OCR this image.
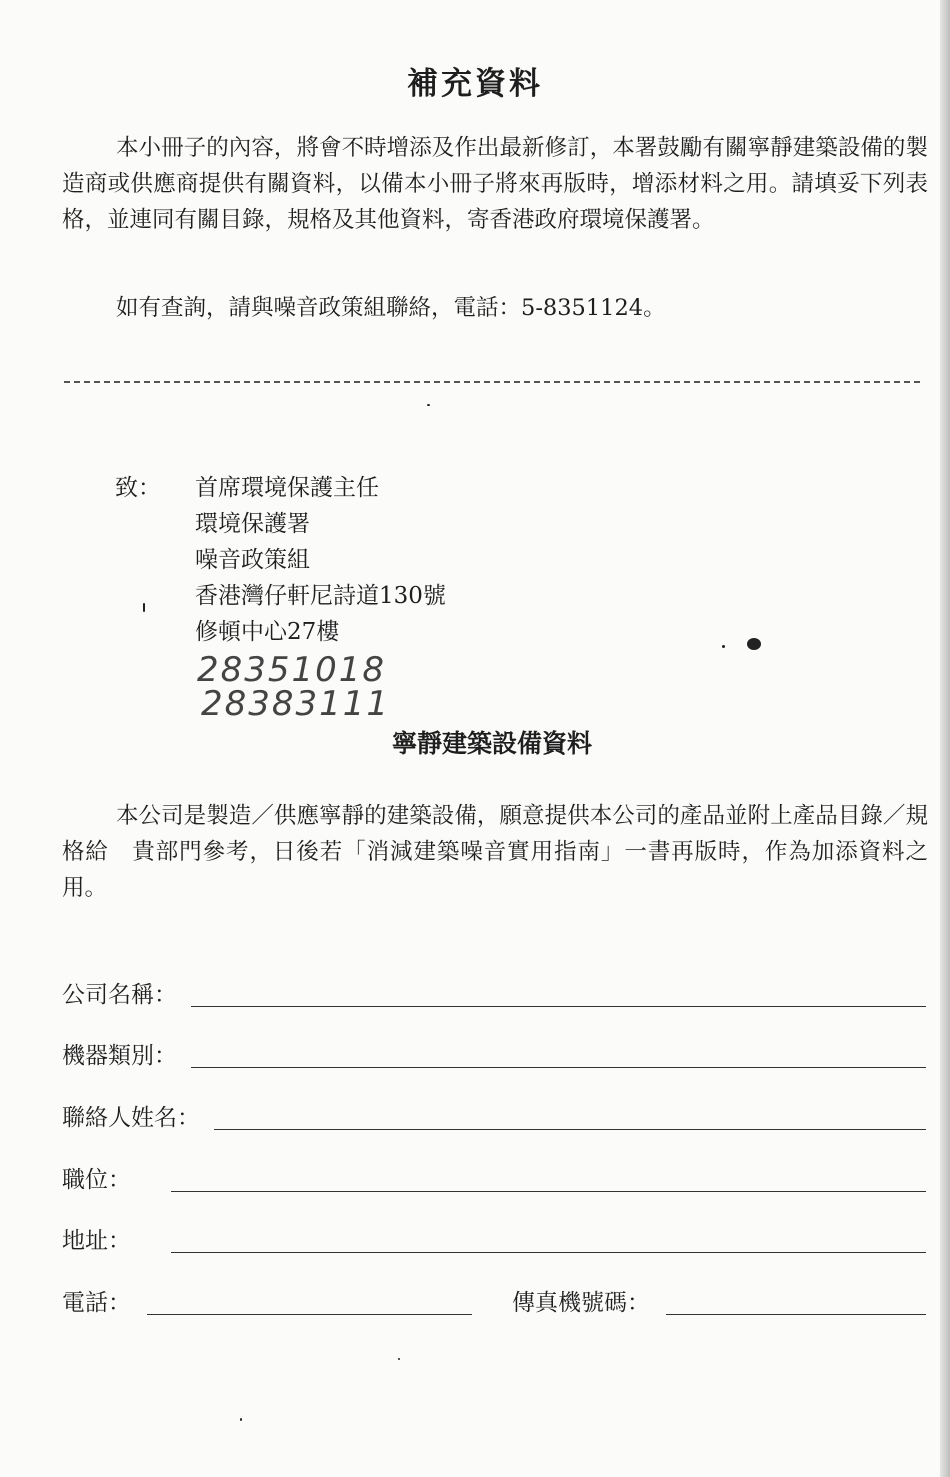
補充資料

本小冊子的內容，將會不時增添及作出最新修訂，本署鼓勵有關寧靜建築設備的製造商或供應商提供有關資料，以備本小冊子將來再版時，增添材料之用。請填妥下列表格，並連同有關目錄，規格及其他資料，寄香港政府環境保護署。

如有查詢，請與噪音政策組聯絡，電話：5-8351124。

致： 首席環境保護主任
環境保護署
噪音政策組
香港灣仔軒尼詩道130號
修頓中心27樓
28351018
28383111
寧靜建築設備資料

本公司是製造／供應寧靜的建築設備，願意提供本公司的產品並附上產品目錄／規格給　貴部門參考，日後若「消減建築噪音實用指南」一書再版時，作為加添資料之用。

公司名稱：
機器類別：
聯絡人姓名：
職位：
地址：
電話：	傳真機號碼：
